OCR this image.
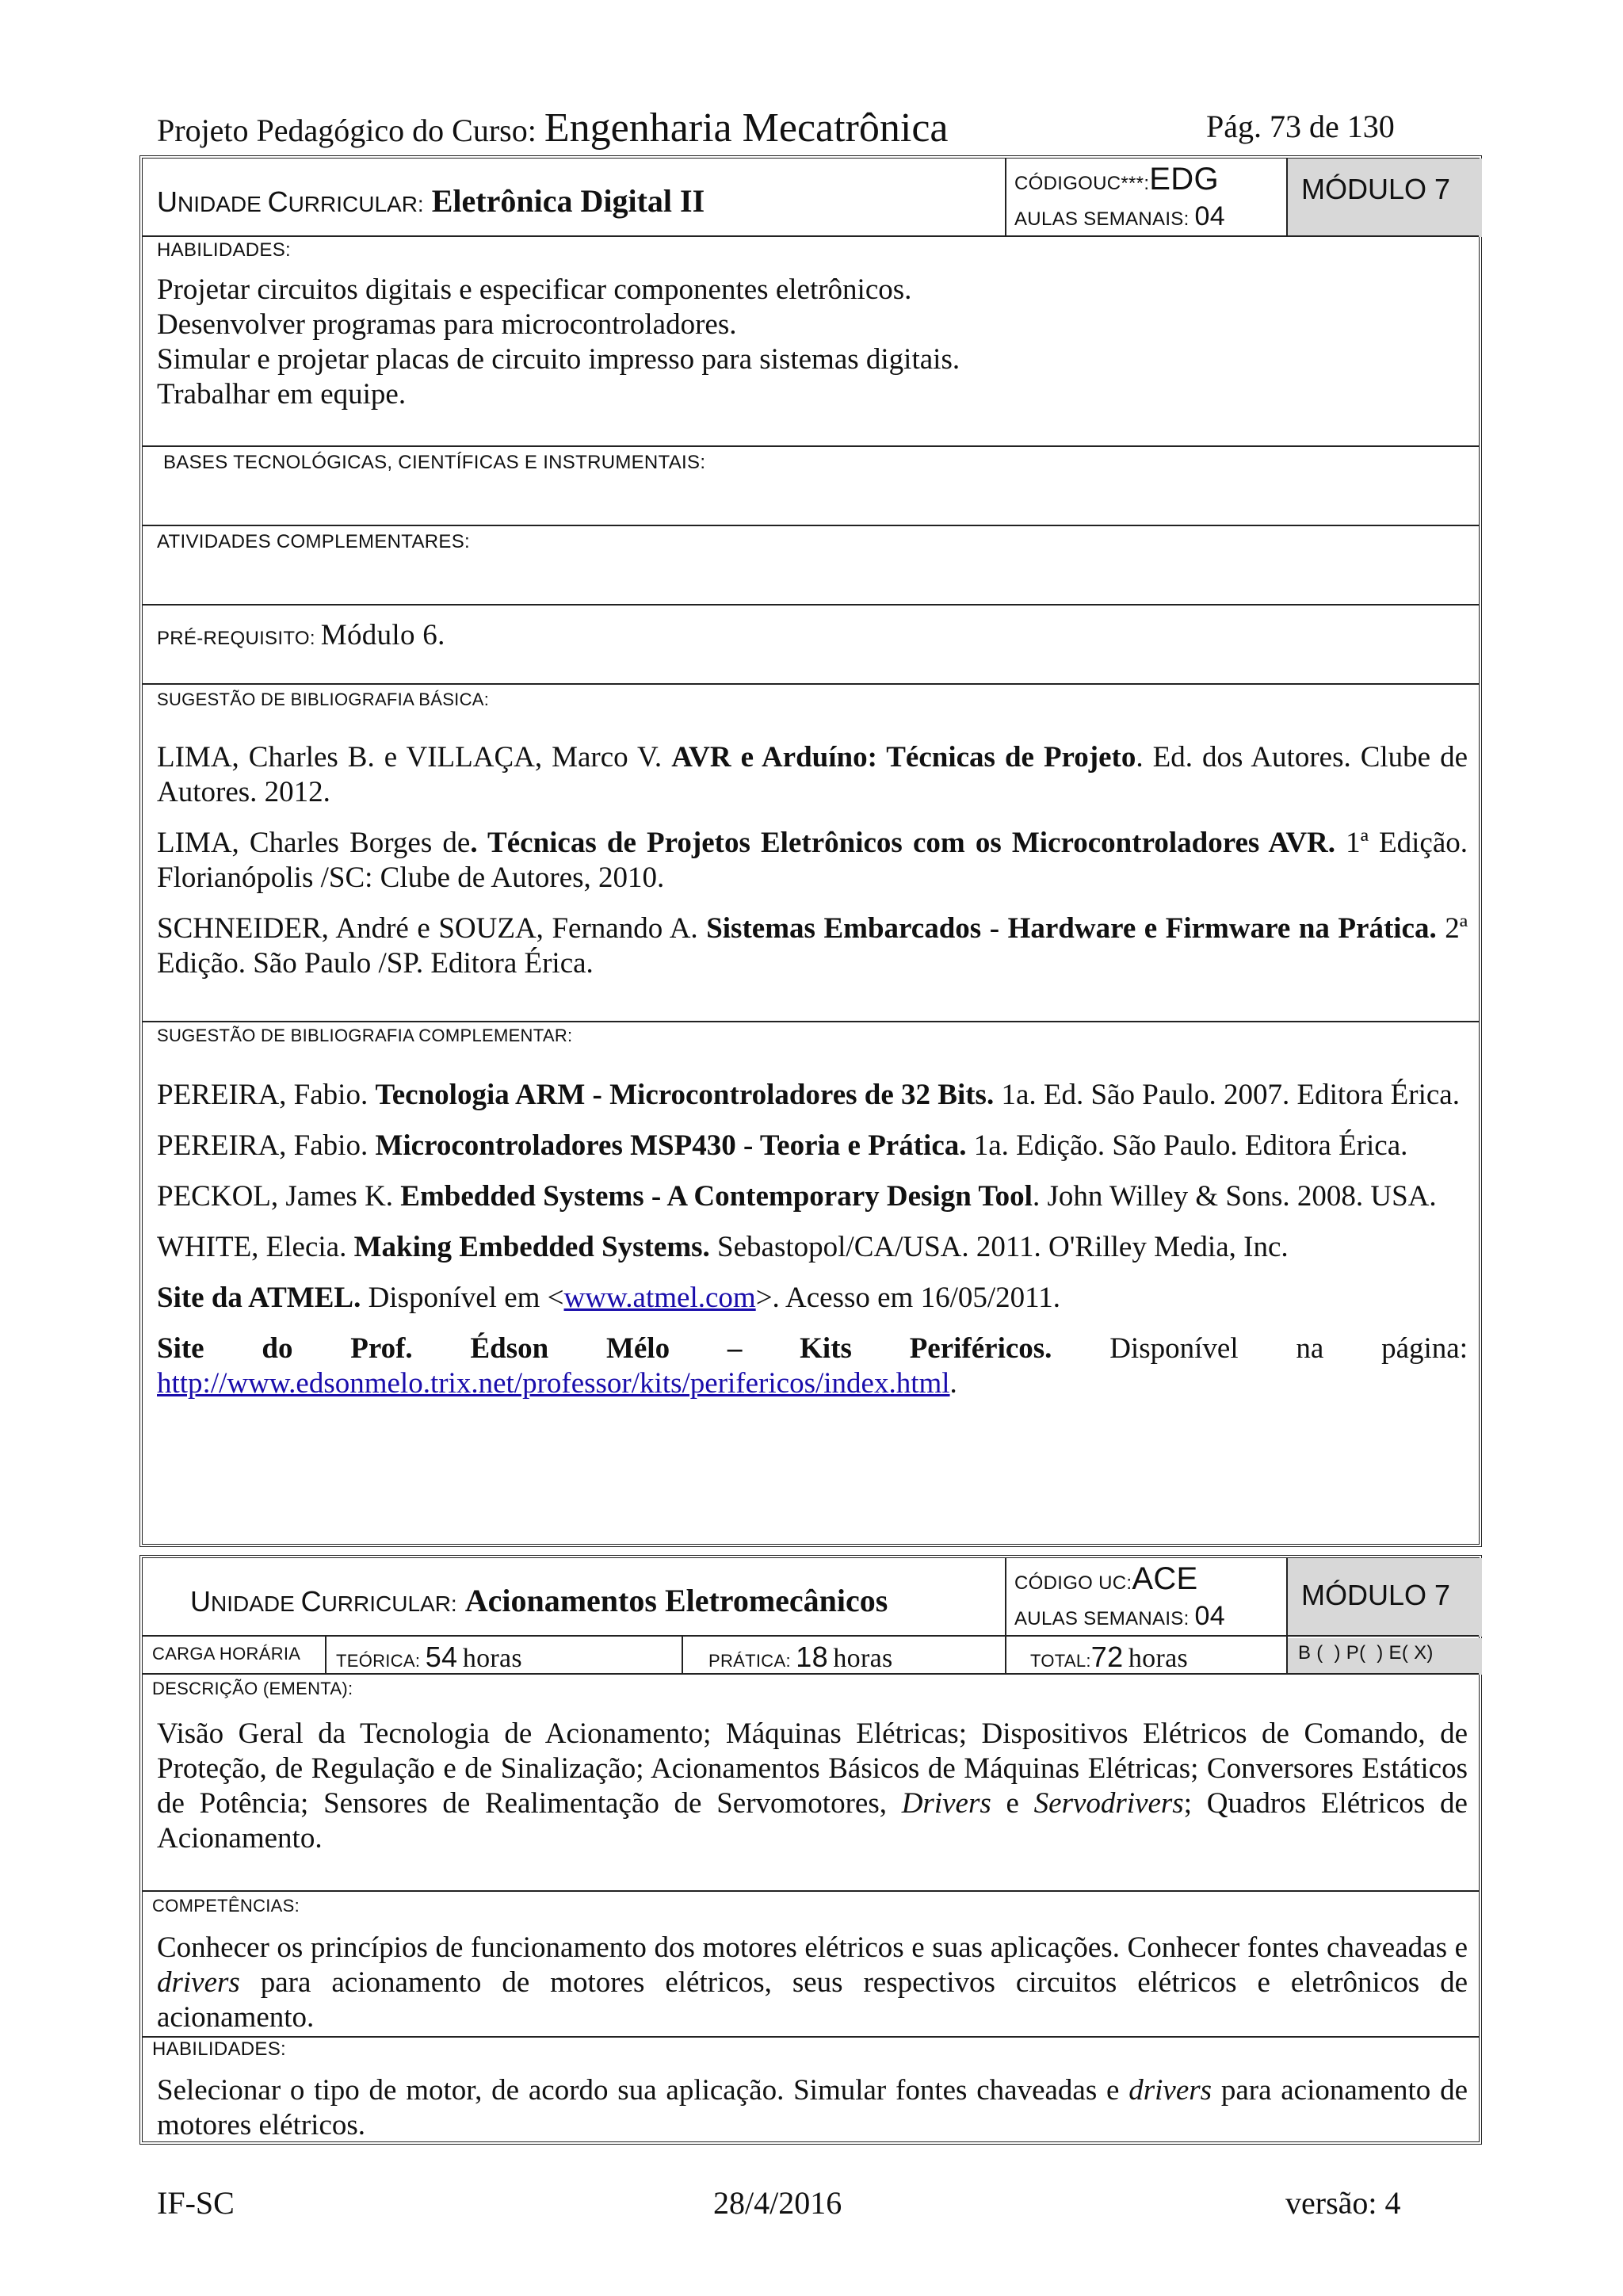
Projeto Pedagógico do Curso: Engenharia Mecatrônica	Pág. 73 de 130
UNIDADE CURRICULAR: Eletrônica Digital II	CÓDIGOUC***:EDG
AULAS SEMANAIS: 04
MÓDULO 7
HABILIDADES:
Projetar circuitos digitais e especificar componentes eletrônicos.
Desenvolver programas para microcontroladores.
Simular e projetar placas de circuito impresso para sistemas digitais.
Trabalhar em equipe.
BASES TECNOLÓGICAS, CIENTÍFICAS E INSTRUMENTAIS:
ATIVIDADES COMPLEMENTARES:
PRÉ-REQUISITO: Módulo 6.
SUGESTÃO DE BIBLIOGRAFIA BÁSICA:

LIMA, Charles B. e VILLAÇA, Marco V. AVR e Arduíno: Técnicas de Projeto. Ed. dos Autores. Clube de Autores. 2012.

LIMA, Charles Borges de. Técnicas de Projetos Eletrônicos com os Microcontroladores AVR. 1ª Edição. Florianópolis /SC: Clube de Autores, 2010.

SCHNEIDER, André e SOUZA, Fernando A. Sistemas Embarcados - Hardware e Firmware na Prática. 2ª Edição. São Paulo /SP. Editora Érica.

SUGESTÃO DE BIBLIOGRAFIA COMPLEMENTAR:

PEREIRA, Fabio. Tecnologia ARM - Microcontroladores de 32 Bits. 1a. Ed. São Paulo. 2007. Editora Érica.

PEREIRA, Fabio. Microcontroladores MSP430 - Teoria e Prática. 1a. Edição. São Paulo. Editora Érica.

PECKOL, James K. Embedded Systems - A Contemporary Design Tool. John Willey & Sons. 2008. USA.

WHITE, Elecia. Making Embedded Systems. Sebastopol/CA/USA. 2011. O'Rilley Media, Inc.

Site da ATMEL. Disponível em <www.atmel.com>. Acesso em 16/05/2011.

Site do Prof. Édson Mélo – Kits Periféricos. Disponível na página: http://www.edsonmelo.trix.net/professor/kits/perifericos/index.html.

UNIDADE CURRICULAR: Acionamentos Eletromecânicos	CÓDIGO UC:ACE
AULAS SEMANAIS: 04
MÓDULO 7
CARGA HORÁRIA TEÓRICA: 54 horas	PRÁTICA: 18 horas	TOTAL:72 horas	B (  ) P(  ) E( X)
DESCRIÇÃO (EMENTA):
Visão Geral da Tecnologia de Acionamento; Máquinas Elétricas; Dispositivos Elétricos de Comando, de Proteção, de Regulação e de Sinalização; Acionamentos Básicos de Máquinas Elétricas; Conversores Estáticos de Potência; Sensores de Realimentação de Servomotores, Drivers e Servodrivers; Quadros Elétricos de Acionamento.
COMPETÊNCIAS:
Conhecer os princípios de funcionamento dos motores elétricos e suas aplicações. Conhecer fontes chaveadas e drivers para acionamento de motores elétricos, seus respectivos circuitos elétricos e eletrônicos de acionamento.
HABILIDADES:
Selecionar o tipo de motor, de acordo sua aplicação. Simular fontes chaveadas e drivers para acionamento de motores elétricos.
IF-SC	28/4/2016	versão: 4
